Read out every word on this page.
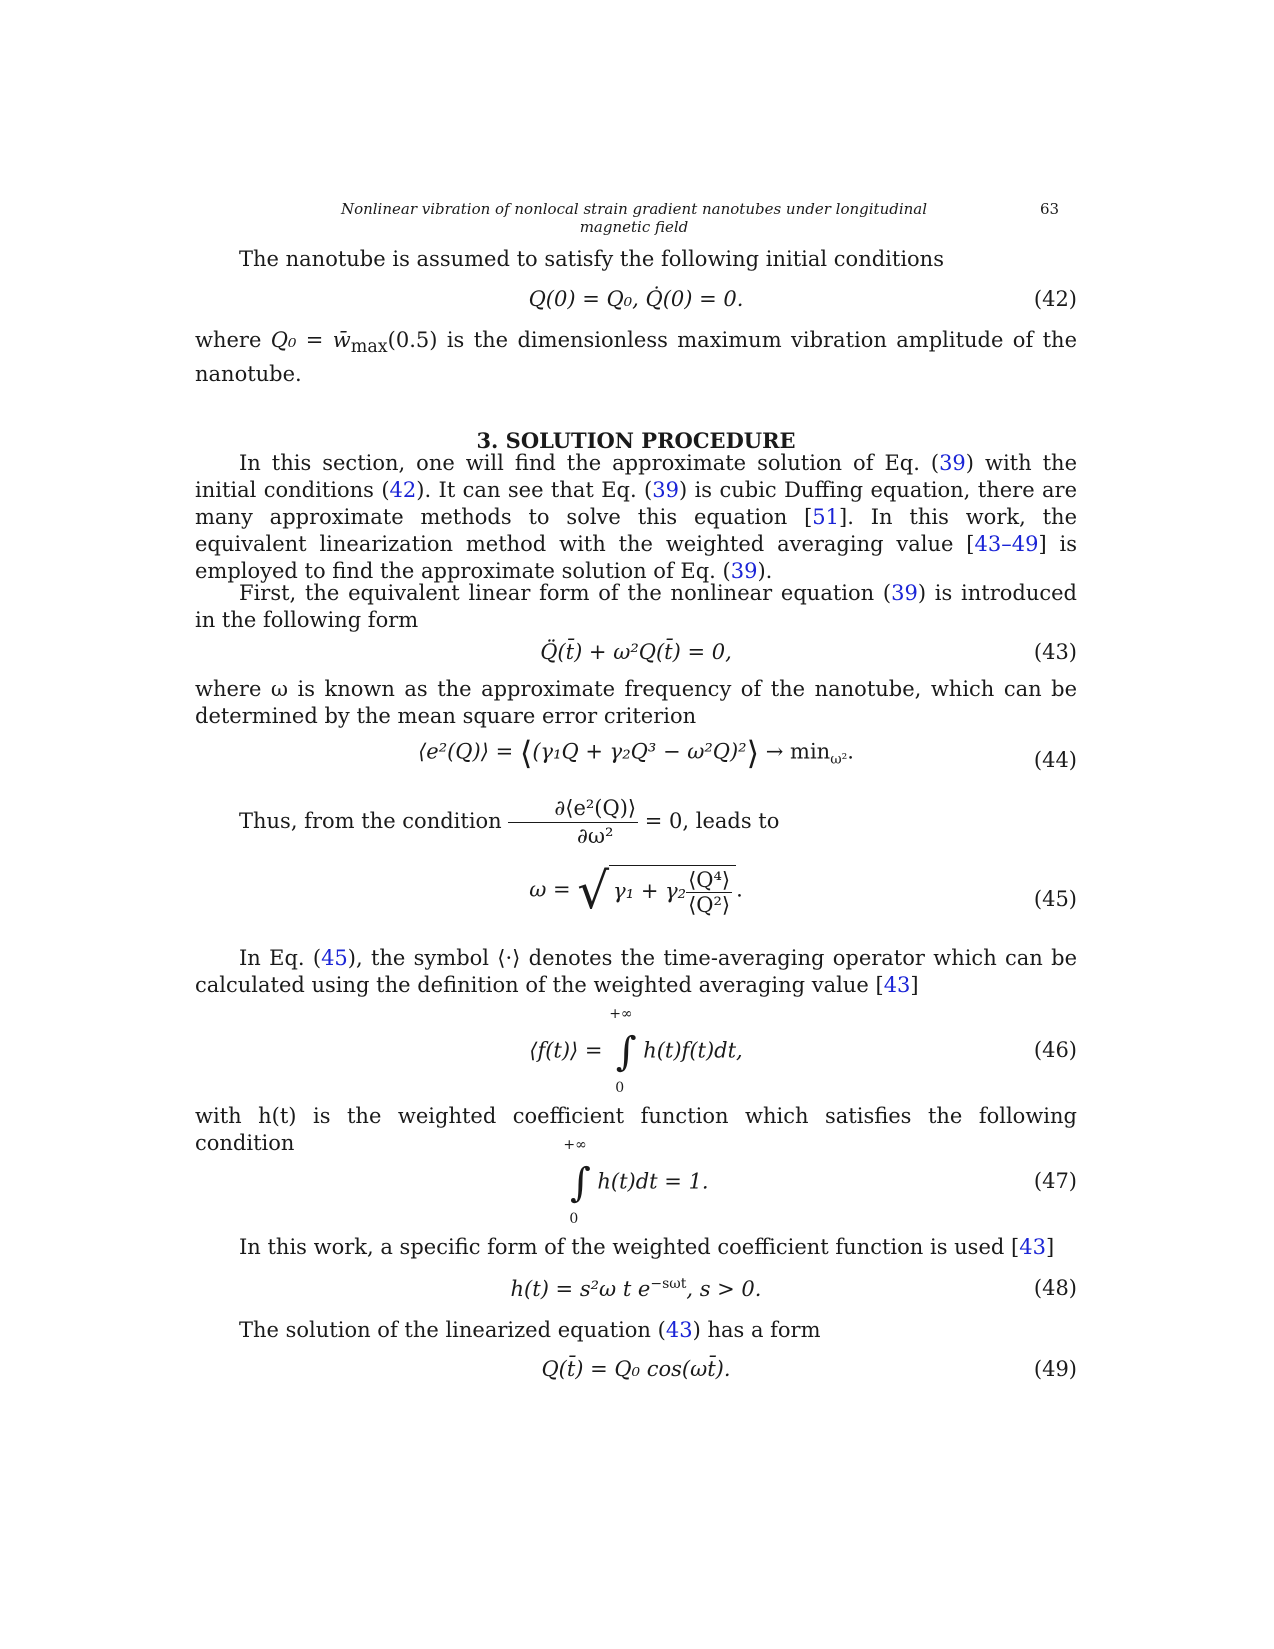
Nonlinear vibration of nonlocal strain gradient nanotubes under longitudinal magnetic field
63
The nanotube is assumed to satisfy the following initial conditions
Q(0) = Q₀, Q̇(0) = 0.	(42)
where $Q_0 = w̄_{max}(0.5)$ is the dimensionless maximum vibration amplitude of the nanotube.
3. SOLUTION PROCEDURE
In this section, one will find the approximate solution of Eq. (39) with the initial conditions (42). It can see that Eq. (39) is cubic Duffing equation, there are many approximate methods to solve this equation [51]. In this work, the equivalent linearization method with the weighted averaging value [43–49] is employed to find the approximate solution of Eq. (39).
First, the equivalent linear form of the nonlinear equation (39) is introduced in the following form
Q̈(t̄) + ω²Q(t̄) = 0,	(43)
where ω is known as the approximate frequency of the nanotube, which can be determined by the mean square error criterion
⟨e²(Q)⟩ = ⟨(γ₁Q + γ₂Q³ − ω²Q)²⟩ → $\min_{\omega^2}$.	(44)
Thus, from the condition $\frac{\text{∂⟨e²(Q)⟩}}{\text{∂ω²}} = 0$, leads to
ω = √ $\gamma_1 + \gamma_2 \frac{\text{⟨Q⁴⟩}}{\text{⟨Q²⟩}}$ .	(45)
In Eq. (45), the symbol ⟨·⟩ denotes the time-averaging operator which can be calculated using the definition of the weighted averaging value [43]
⟨f(t)⟩ =
+∞
∫
0
h(t)f(t)dt,	(46)
with h(t) is the weighted coefficient function which satisfies the following condition	+∞
∫
0
h(t)dt = 1.	(47)
In this work, a specific form of the weighted coefficient function is used [43]
h(t) = s²ω t $e^{-s\omega t}$, s > 0.	(48)
The solution of the linearized equation (43) has a form
Q(t̄) = Q₀ cos(ωt̄).	(49)
